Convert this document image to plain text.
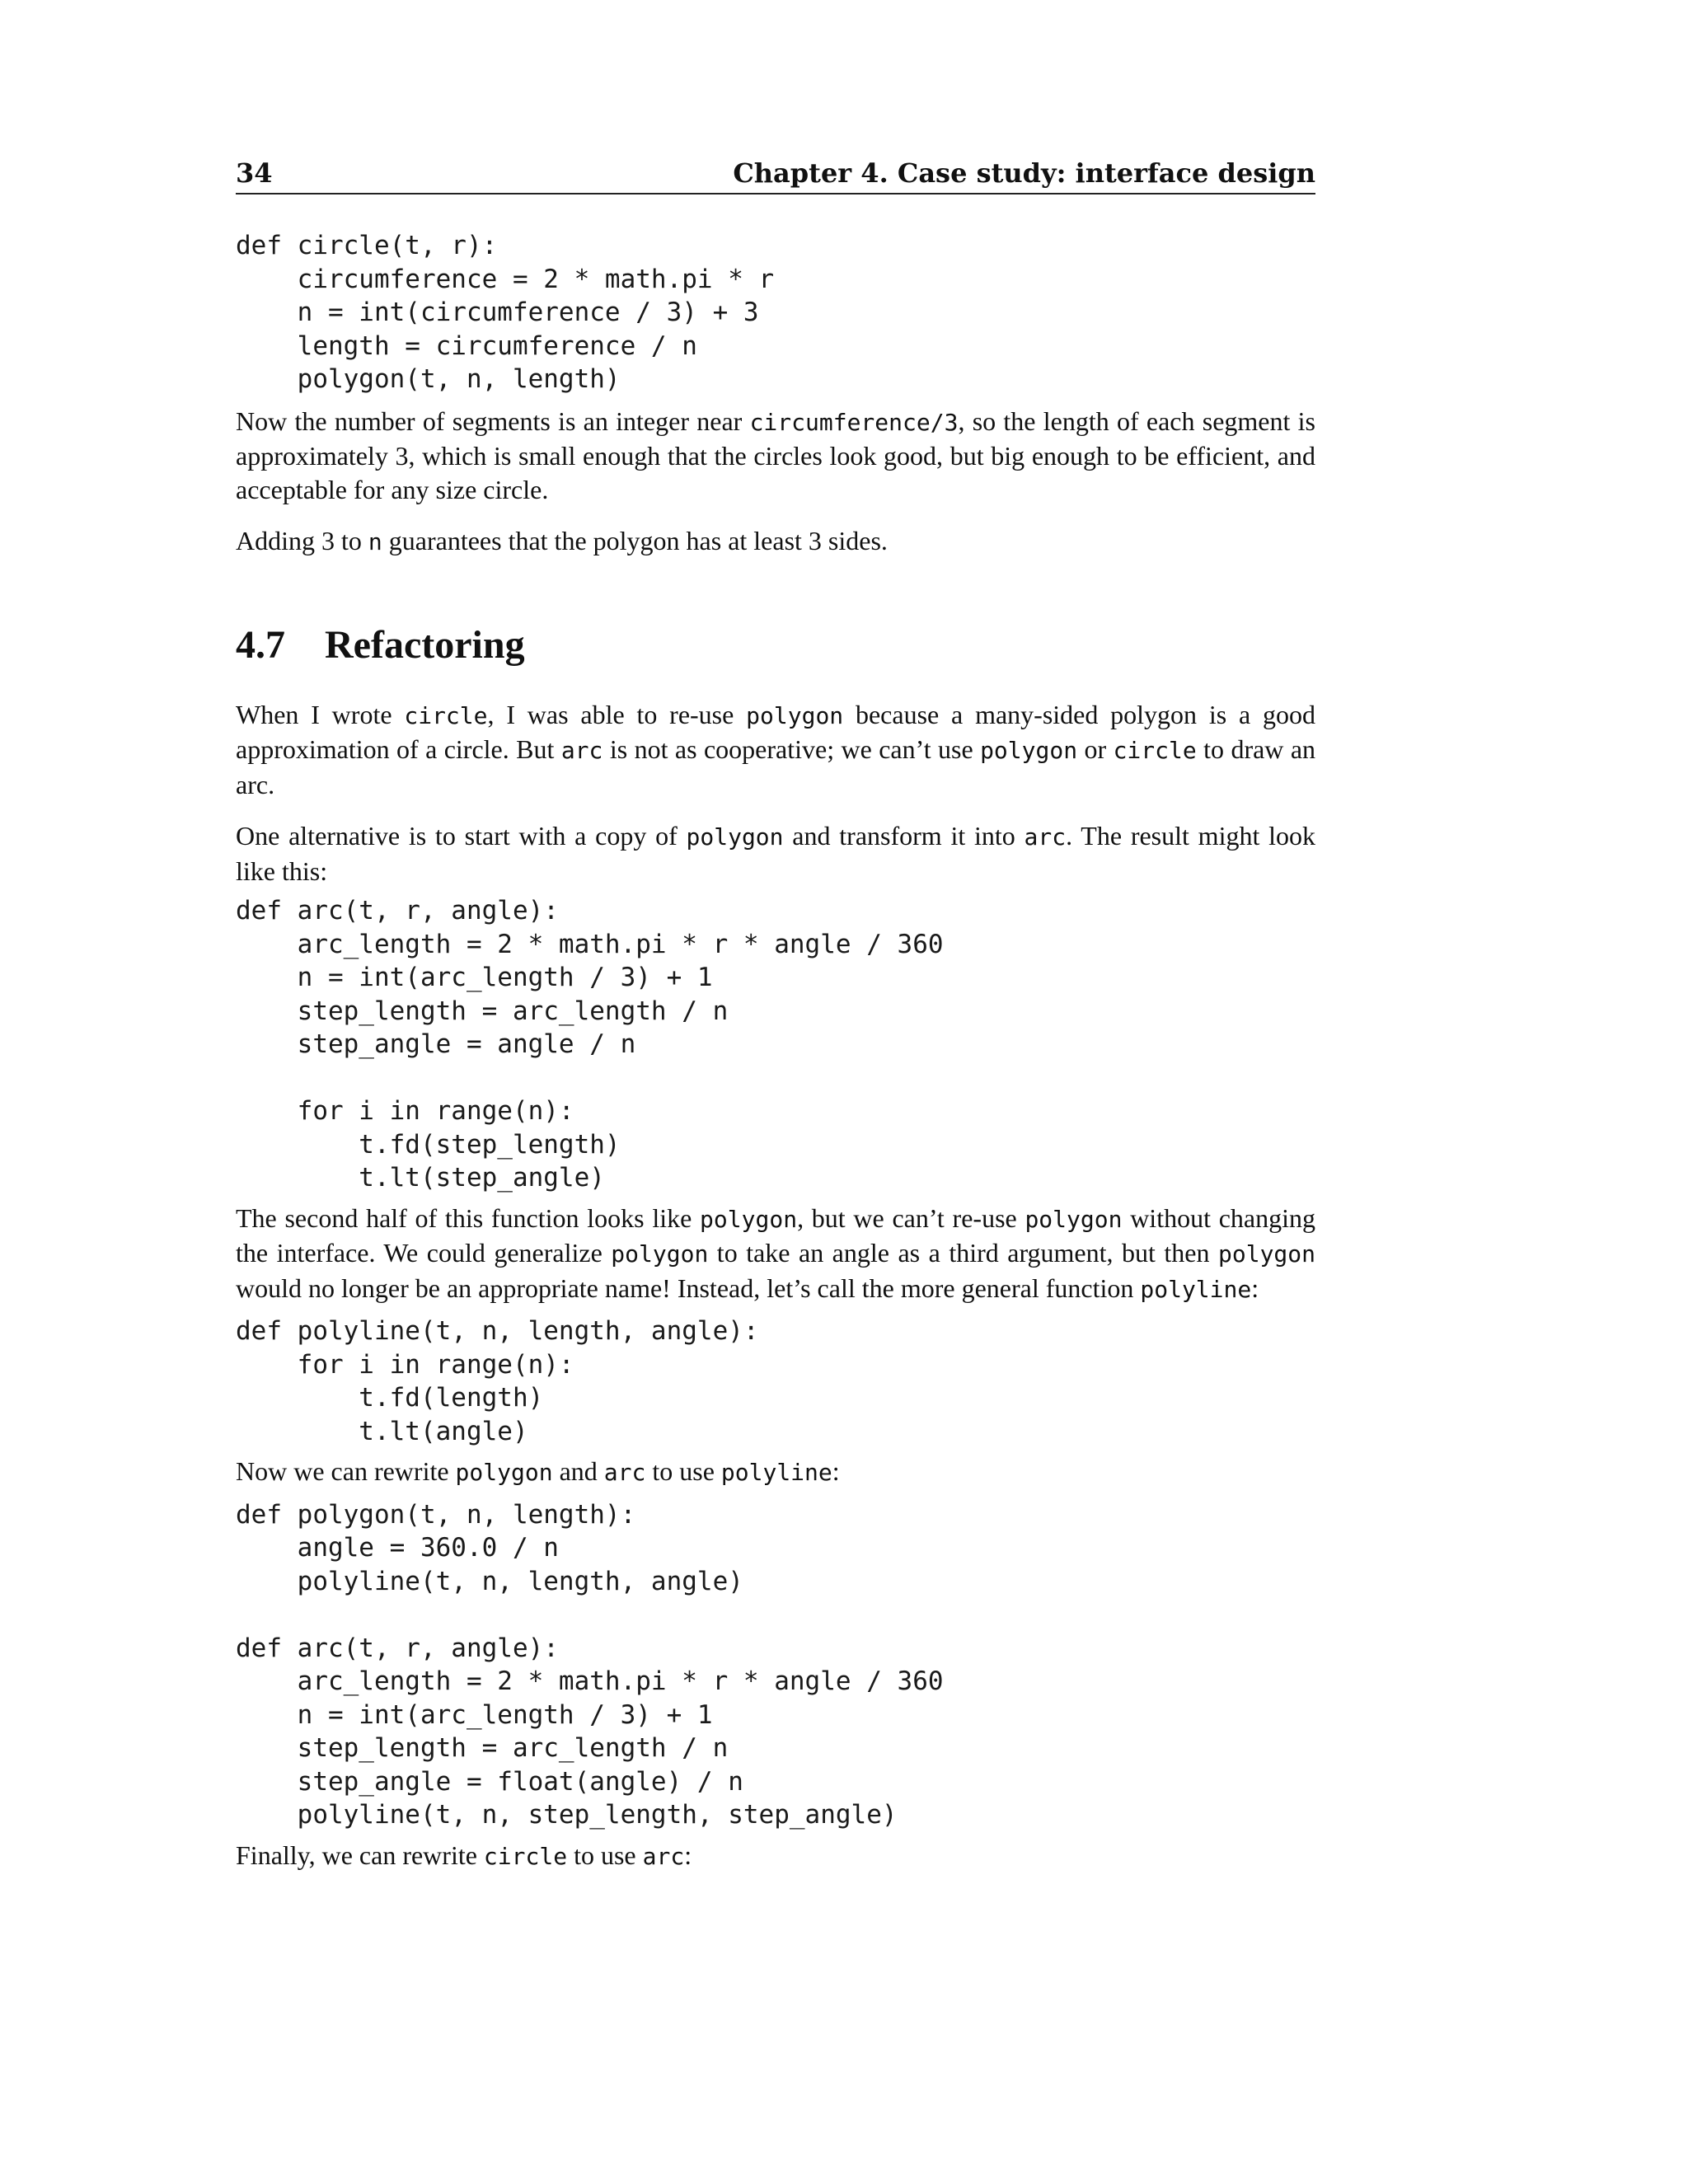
34	Chapter 4. Case study: interface design
def circle(t, r):
circumference = 2 * math.pi * r
n = int(circumference / 3) + 3
length = circumference / n
polygon(t, n, length)

Now the number of segments is an integer near circumference/3, so the length of each segment is approximately 3, which is small enough that the circles look good, but big enough to be efficient, and acceptable for any size circle.

Adding 3 to n guarantees that the polygon has at least 3 sides.

4.7 Refactoring

When I wrote circle, I was able to re-use polygon because a many-sided polygon is a good approximation of a circle. But arc is not as cooperative; we can’t use polygon or circle to draw an arc.

One alternative is to start with a copy of polygon and transform it into arc. The result might look like this:

def arc(t, r, angle):
arc_length = 2 * math.pi * r * angle / 360
n = int(arc_length / 3) + 1
step_length = arc_length / n
step_angle = angle / n

for i in range(n):
t.fd(step_length)
t.lt(step_angle)

The second half of this function looks like polygon, but we can’t re-use polygon without changing the interface. We could generalize polygon to take an angle as a third argument, but then polygon would no longer be an appropriate name! Instead, let’s call the more general function polyline:

def polyline(t, n, length, angle):
for i in range(n):
t.fd(length)
t.lt(angle)

Now we can rewrite polygon and arc to use polyline:

def polygon(t, n, length):
angle = 360.0 / n
polyline(t, n, length, angle)

def arc(t, r, angle):
arc_length = 2 * math.pi * r * angle / 360
n = int(arc_length / 3) + 1
step_length = arc_length / n
step_angle = float(angle) / n
polyline(t, n, step_length, step_angle)

Finally, we can rewrite circle to use arc:
